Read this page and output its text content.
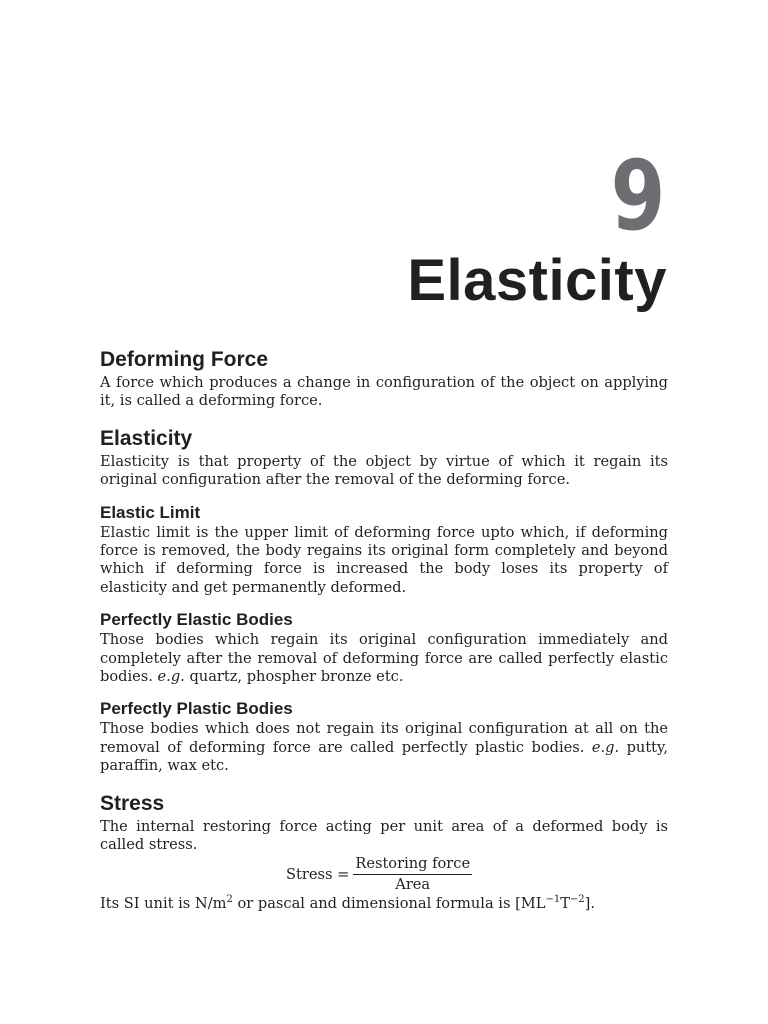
9
Elasticity
Deforming Force

A force which produces a change in configuration of the object on applying it, is called a deforming force.

Elasticity

Elasticity is that property of the object by virtue of which it regain its original configuration after the removal of the deforming force.

Elastic Limit

Elastic limit is the upper limit of deforming force upto which, if deforming force is removed, the body regains its original form completely and beyond which if deforming force is increased the body loses its property of elasticity and get permanently deformed.

Perfectly Elastic Bodies

Those bodies which regain its original configuration immediately and completely after the removal of deforming force are called perfectly elastic bodies. e.g. quartz, phospher bronze etc.

Perfectly Plastic Bodies

Those bodies which does not regain its original configuration at all on the removal of deforming force are called perfectly plastic bodies. e.g. putty, paraffin, wax etc.

Stress

The internal restoring force acting per unit area of a deformed body is called stress.

Stress = $\frac{\text{Restoring force}}{\text{Area}}$

Its SI unit is $N/m^2$ or pascal and dimensional formula is $[ML^{-1}T^{-2}]$.
